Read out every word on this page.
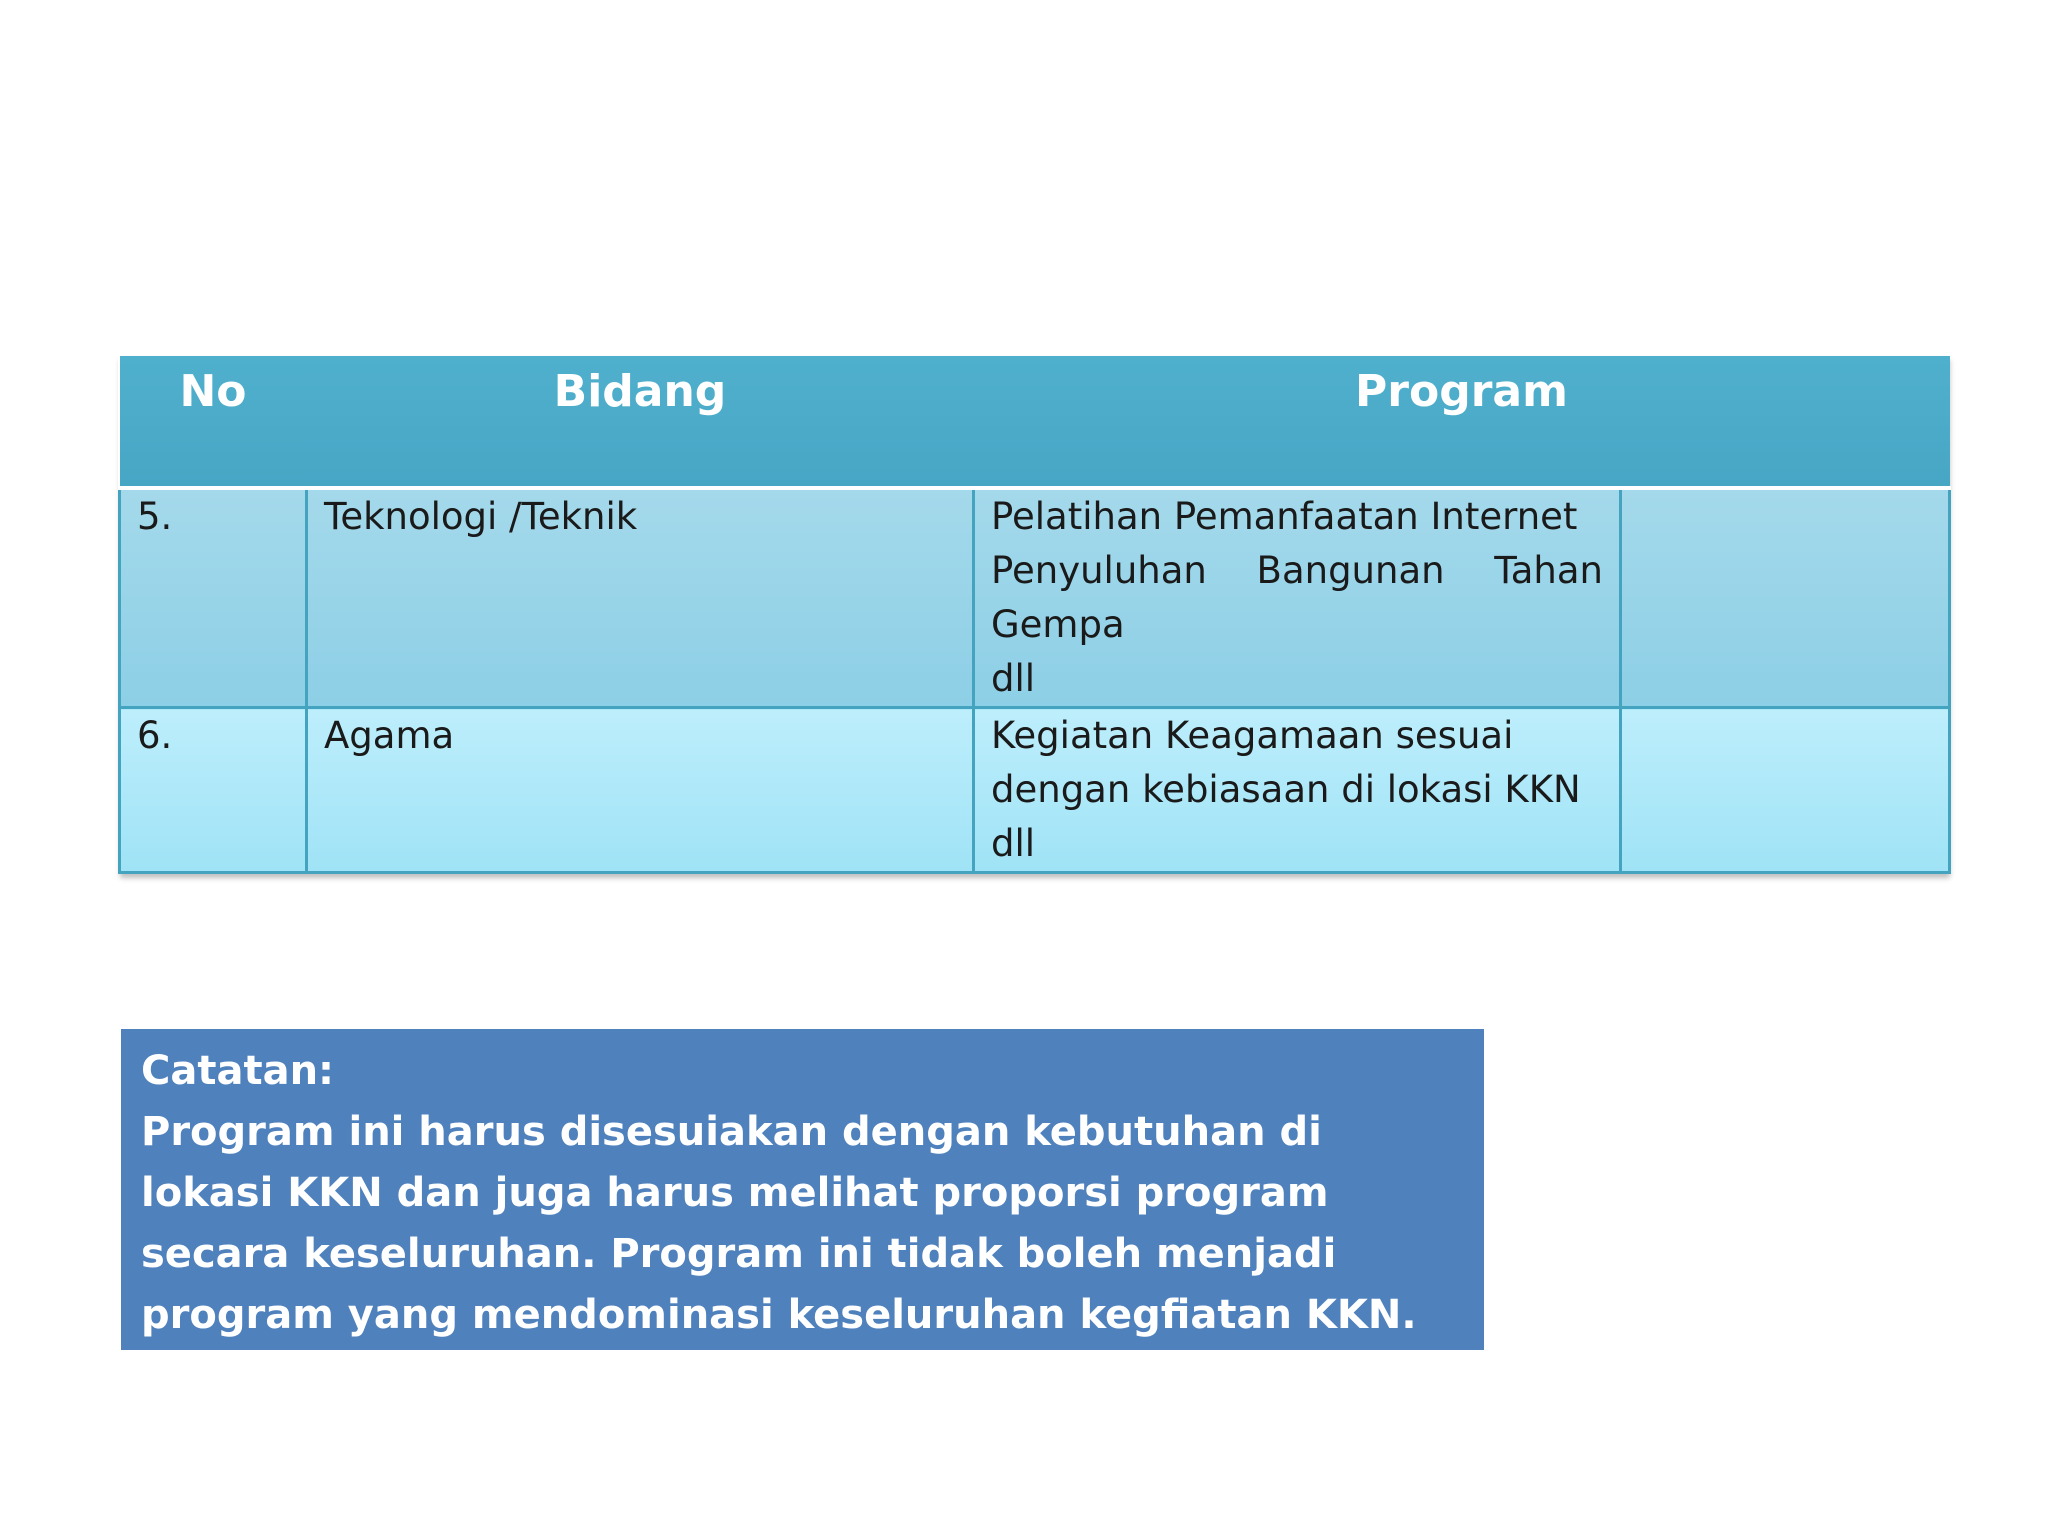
No	Bidang	Program	
5.	Teknologi /Teknik	Pelatihan Pemanfaatan Internet
Penyuluhan Bangunan Tahan
Gempa
dll	

6.	Agama	Kegiatan Keagamaan sesuai
dengan kebiasaan di lokasi KKN
dll	

Catatan:
Program ini harus disesuiakan dengan kebutuhan di lokasi KKN dan juga harus melihat proporsi program secara keseluruhan. Program ini tidak boleh menjadi program yang mendominasi keseluruhan kegfiatan KKN.
